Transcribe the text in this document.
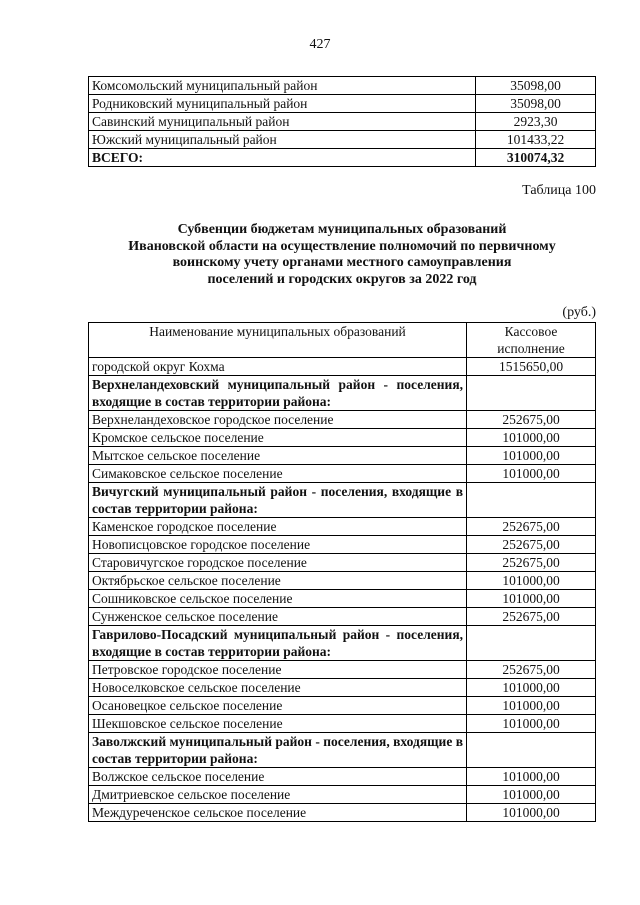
427
Комсомольский муниципальный район	35098,00
Родниковский муниципальный район	35098,00
Савинский муниципальный район	2923,30
Южский муниципальный район	101433,22
ВСЕГО:	310074,32
Таблица 100
Субвенции бюджетам муниципальных образований
Ивановской области на осуществление полномочий по первичному
воинскому учету органами местного самоуправления
поселений и городских округов за 2022 год
(руб.)
Наименование муниципальных образований	Кассовое исполнение
городской округ Кохма	1515650,00
Верхнеландеховский муниципальный район - поселения, входящие в состав территории района:	
Верхнеландеховское городское поселение	252675,00
Кромское сельское поселение	101000,00
Мытское сельское поселение	101000,00
Симаковское сельское поселение	101000,00
Вичугский муниципальный район - поселения, входящие в состав территории района:	
Каменское городское поселение	252675,00
Новописцовское городское поселение	252675,00
Старовичугское городское поселение	252675,00
Октябрьское сельское поселение	101000,00
Сошниковское сельское поселение	101000,00
Сунженское сельское поселение	252675,00
Гаврилово-Посадский муниципальный район - поселения, входящие в состав территории района:	
Петровское городское поселение	252675,00
Новоселковское сельское поселение	101000,00
Осановецкое сельское поселение	101000,00
Шекшовское сельское поселение	101000,00
Заволжский муниципальный район - поселения, входящие в состав территории района:	
Волжское сельское поселение	101000,00
Дмитриевское сельское поселение	101000,00
Междуреченское сельское поселение	101000,00
